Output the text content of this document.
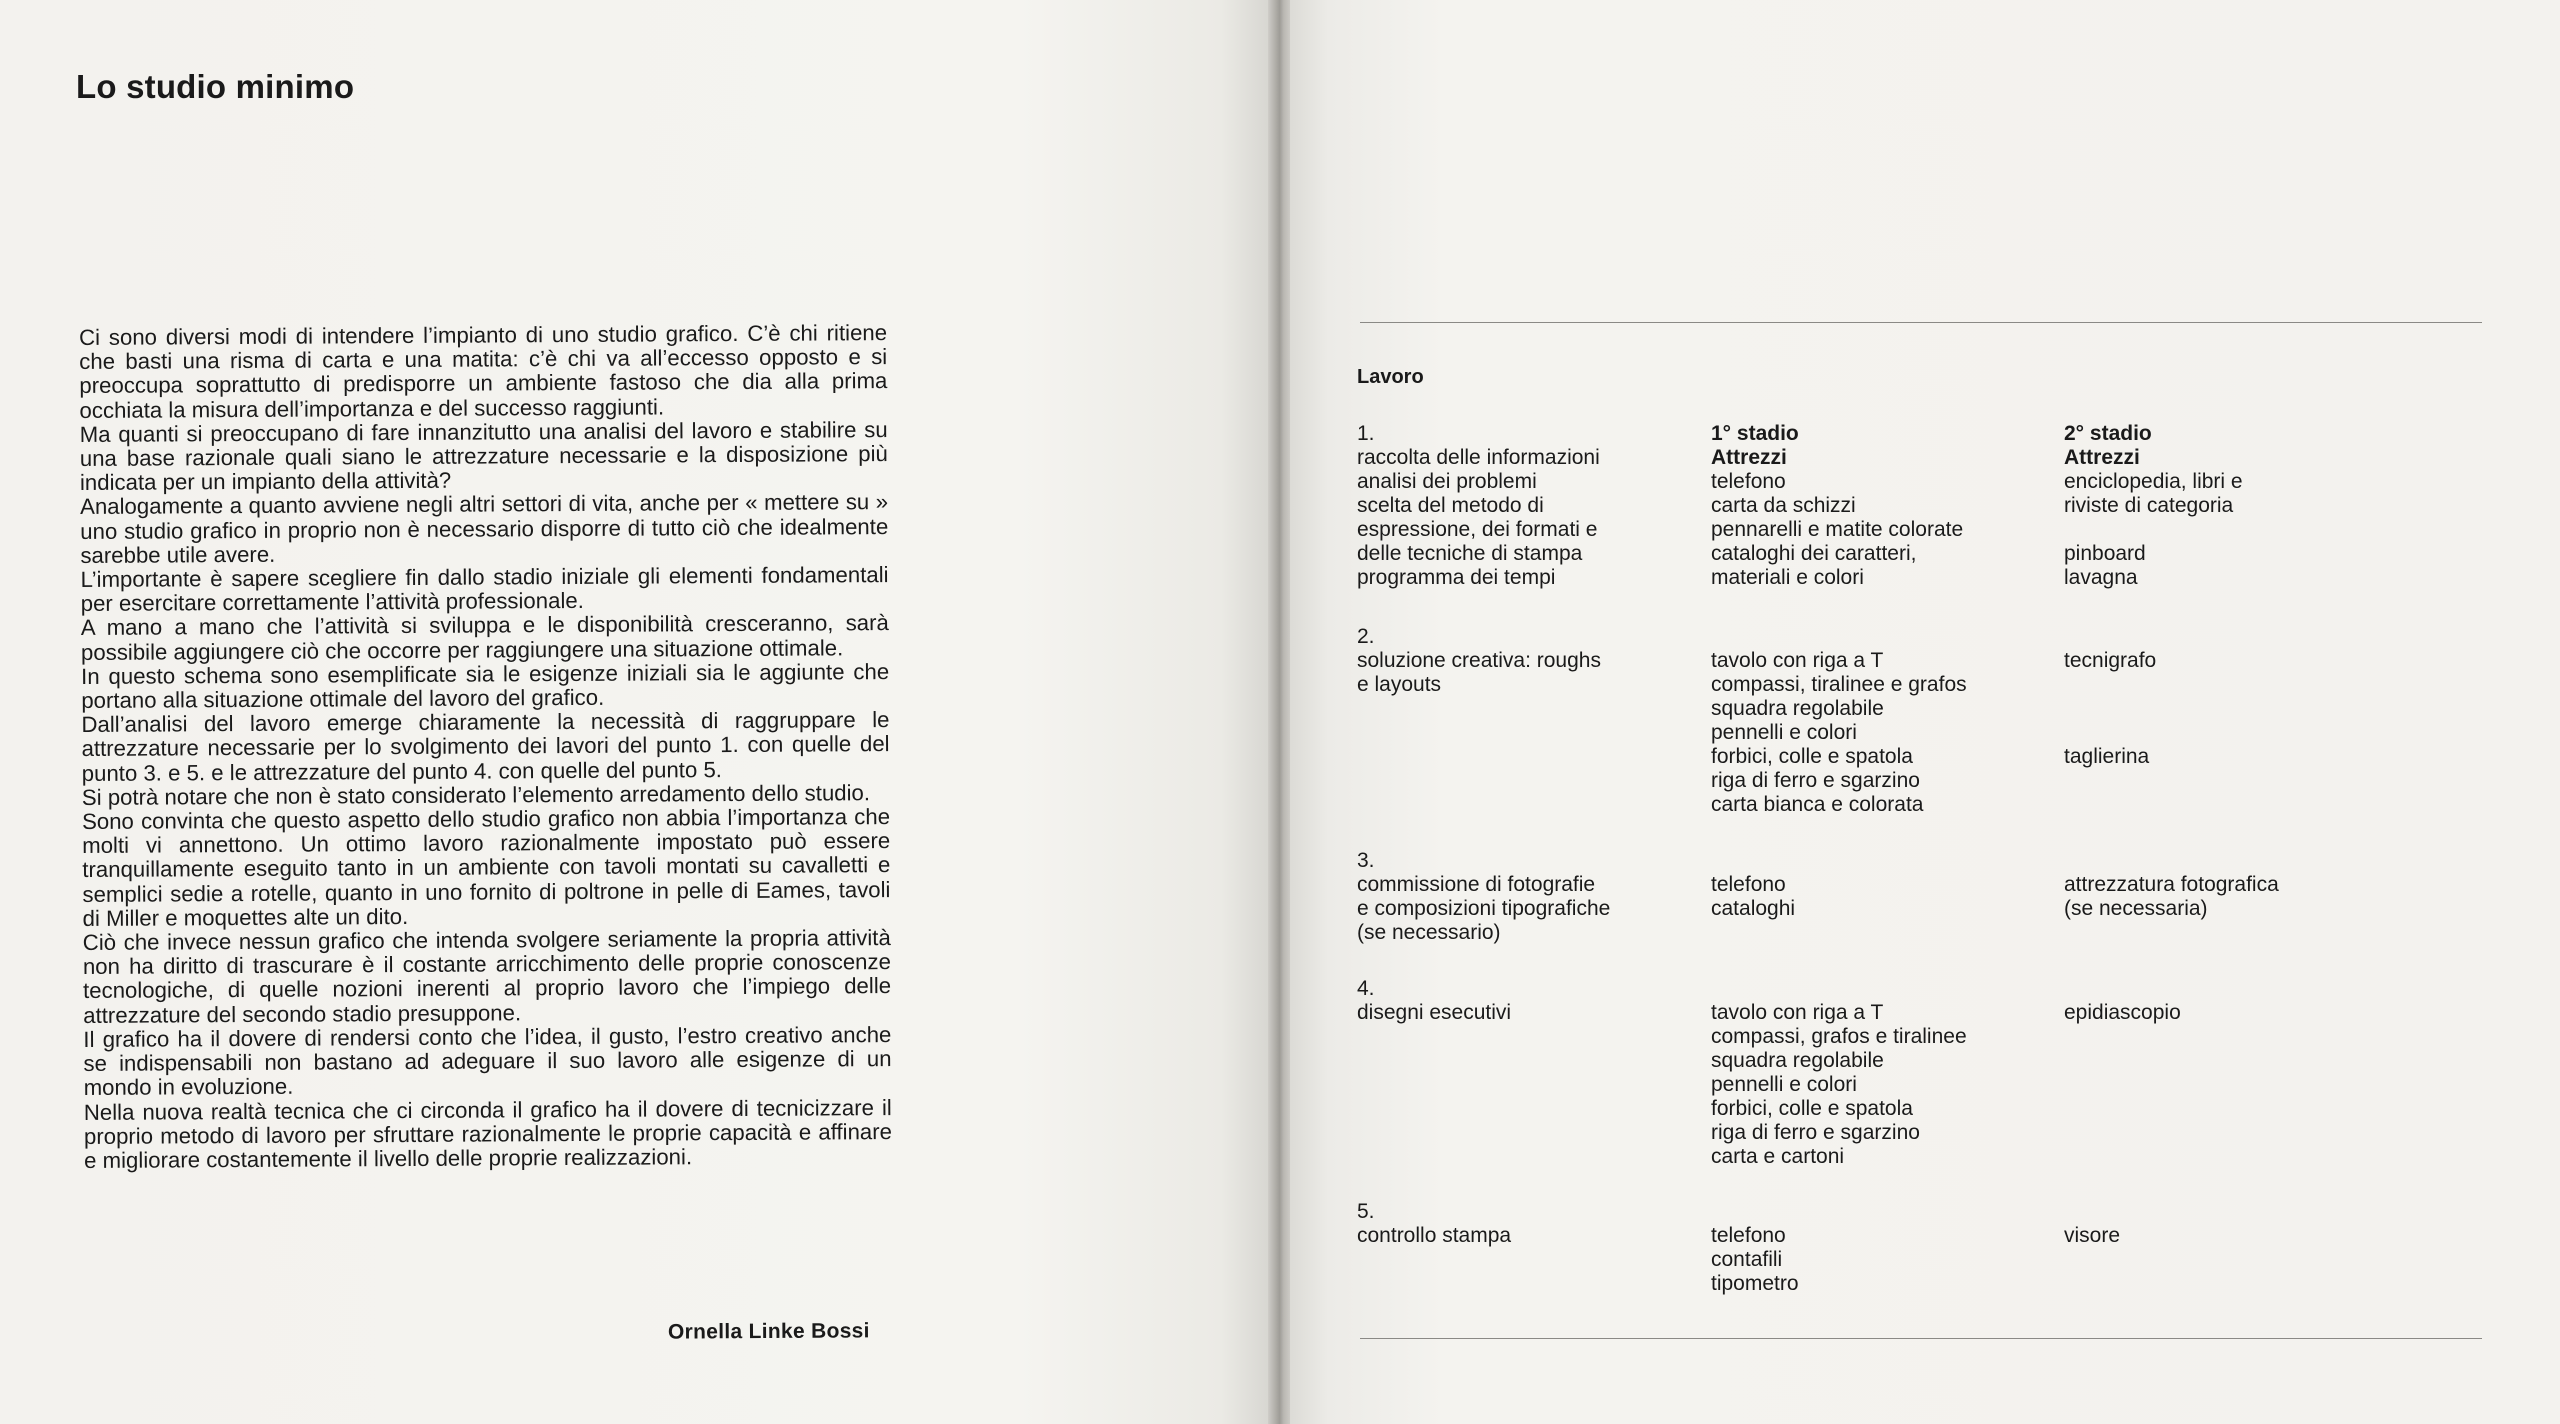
Lo studio minimo

Ci sono diversi modi di intendere l’impianto di uno studio grafico. C’è chi ritiene che basti una risma di carta e una matita: c’è chi va all’eccesso opposto e si preoccupa soprattutto di predisporre un ambiente fastoso che dia alla prima occhiata la misura dell’importanza e del successo raggiunti.

Ma quanti si preoccupano di fare innanzitutto una analisi del lavoro e stabilire su una base razionale quali siano le attrezzature necessarie e la disposizione più indicata per un impianto della attività?

Analogamente a quanto avviene negli altri settori di vita, anche per « mettere su » uno studio grafico in proprio non è necessario disporre di tutto ciò che idealmente sarebbe utile avere.

L’importante è sapere scegliere fin dallo stadio iniziale gli elementi fondamentali per esercitare correttamente l’attività professionale.

A mano a mano che l’attività si sviluppa e le disponibilità cresceranno, sarà possibile aggiungere ciò che occorre per raggiungere una situazione ottimale.

In questo schema sono esemplificate sia le esigenze iniziali sia le aggiunte che portano alla situazione ottimale del lavoro del grafico.

Dall’analisi del lavoro emerge chiaramente la necessità di raggruppare le attrezzature necessarie per lo svolgimento dei lavori del punto 1. con quelle del punto 3. e 5. e le attrezzature del punto 4. con quelle del punto 5.

Si potrà notare che non è stato considerato l’elemento arredamento dello studio.

Sono convinta che questo aspetto dello studio grafico non abbia l’importanza che molti vi annettono. Un ottimo lavoro razionalmente impostato può essere tranquillamente eseguito tanto in un ambiente con tavoli montati su cavalletti e semplici sedie a rotelle, quanto in uno fornito di poltrone in pelle di Eames, tavoli di Miller e moquettes alte un dito.

Ciò che invece nessun grafico che intenda svolgere seriamente la propria attività non ha diritto di trascurare è il costante arricchimento delle proprie conoscenze tecnologiche, di quelle nozioni inerenti al proprio lavoro che l’impiego delle attrezzature del secondo stadio presuppone.

Il grafico ha il dovere di rendersi conto che l’idea, il gusto, l’estro creativo anche se indispensabili non bastano ad adeguare il suo lavoro alle esigenze di un mondo in evoluzione.

Nella nuova realtà tecnica che ci circonda il grafico ha il dovere di tecnicizzare il proprio metodo di lavoro per sfruttare razionalmente le proprie capacità e affinare e migliorare costantemente il livello delle proprie realizzazioni.

Ornella Linke Bossi
Lavoro
1.
raccolta delle informazioni
analisi dei problemi
scelta del metodo di
espressione, dei formati e
delle tecniche di stampa
programma dei tempi
1° stadio
Attrezzi
telefono
carta da schizzi
pennarelli e matite colorate
cataloghi dei caratteri,
materiali e colori
2° stadio
Attrezzi
enciclopedia, libri e
riviste di categoria
pinboard
lavagna
2.
soluzione creativa: roughs
e layouts
tavolo con riga a T
compassi, tiralinee e grafos
squadra regolabile
pennelli e colori
forbici, colle e spatola
riga di ferro e sgarzino
carta bianca e colorata
tecnigrafo
taglierina
3.
commissione di fotografie
e composizioni tipografiche
(se necessario)
telefono
cataloghi
attrezzatura fotografica
(se necessaria)
4.
disegni esecutivi	tavolo con riga a T
compassi, grafos e tiralinee
squadra regolabile
pennelli e colori
forbici, colle e spatola
riga di ferro e sgarzino
carta e cartoni
epidiascopio
5.
controllo stampa	telefono
contafili
tipometro
visore
